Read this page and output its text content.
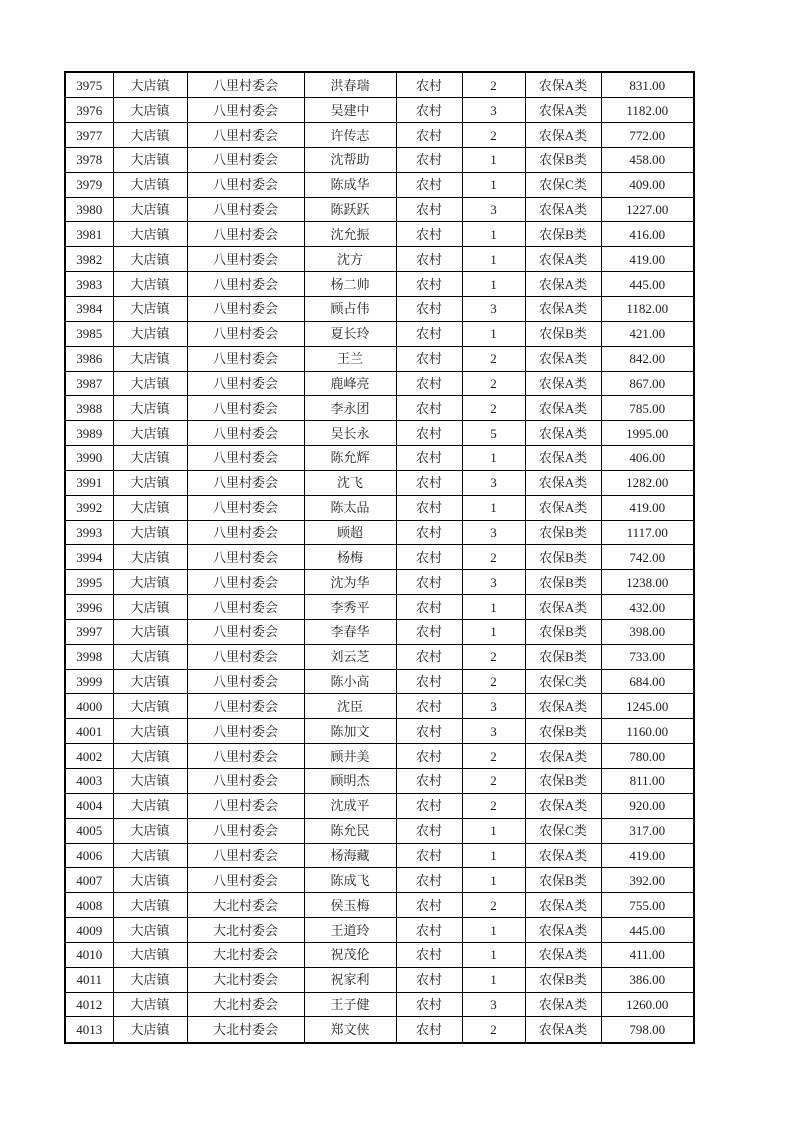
3975	大店镇	八里村委会	洪春瑞	农村	2	农保A类	831.00
3976	大店镇	八里村委会	吴建中	农村	3	农保A类	1182.00
3977	大店镇	八里村委会	许传志	农村	2	农保A类	772.00
3978	大店镇	八里村委会	沈帮助	农村	1	农保B类	458.00
3979	大店镇	八里村委会	陈成华	农村	1	农保C类	409.00
3980	大店镇	八里村委会	陈跃跃	农村	3	农保A类	1227.00
3981	大店镇	八里村委会	沈允振	农村	1	农保B类	416.00
3982	大店镇	八里村委会	沈方	农村	1	农保A类	419.00
3983	大店镇	八里村委会	杨二帅	农村	1	农保A类	445.00
3984	大店镇	八里村委会	顾占伟	农村	3	农保A类	1182.00
3985	大店镇	八里村委会	夏长玲	农村	1	农保B类	421.00
3986	大店镇	八里村委会	王兰	农村	2	农保A类	842.00
3987	大店镇	八里村委会	鹿峰亮	农村	2	农保A类	867.00
3988	大店镇	八里村委会	李永团	农村	2	农保A类	785.00
3989	大店镇	八里村委会	吴长永	农村	5	农保A类	1995.00
3990	大店镇	八里村委会	陈允辉	农村	1	农保A类	406.00
3991	大店镇	八里村委会	沈飞	农村	3	农保A类	1282.00
3992	大店镇	八里村委会	陈太品	农村	1	农保A类	419.00
3993	大店镇	八里村委会	顾超	农村	3	农保B类	1117.00
3994	大店镇	八里村委会	杨梅	农村	2	农保B类	742.00
3995	大店镇	八里村委会	沈为华	农村	3	农保B类	1238.00
3996	大店镇	八里村委会	李秀平	农村	1	农保A类	432.00
3997	大店镇	八里村委会	李春华	农村	1	农保B类	398.00
3998	大店镇	八里村委会	刘云芝	农村	2	农保B类	733.00
3999	大店镇	八里村委会	陈小高	农村	2	农保C类	684.00
4000	大店镇	八里村委会	沈臣	农村	3	农保A类	1245.00
4001	大店镇	八里村委会	陈加文	农村	3	农保B类	1160.00
4002	大店镇	八里村委会	顾井美	农村	2	农保A类	780.00
4003	大店镇	八里村委会	顾明杰	农村	2	农保B类	811.00
4004	大店镇	八里村委会	沈成平	农村	2	农保A类	920.00
4005	大店镇	八里村委会	陈允民	农村	1	农保C类	317.00
4006	大店镇	八里村委会	杨海藏	农村	1	农保A类	419.00
4007	大店镇	八里村委会	陈成飞	农村	1	农保B类	392.00
4008	大店镇	大北村委会	侯玉梅	农村	2	农保A类	755.00
4009	大店镇	大北村委会	王道玲	农村	1	农保A类	445.00
4010	大店镇	大北村委会	祝茂伦	农村	1	农保A类	411.00
4011	大店镇	大北村委会	祝家利	农村	1	农保B类	386.00
4012	大店镇	大北村委会	王子健	农村	3	农保A类	1260.00
4013	大店镇	大北村委会	郑文侠	农村	2	农保A类	798.00
